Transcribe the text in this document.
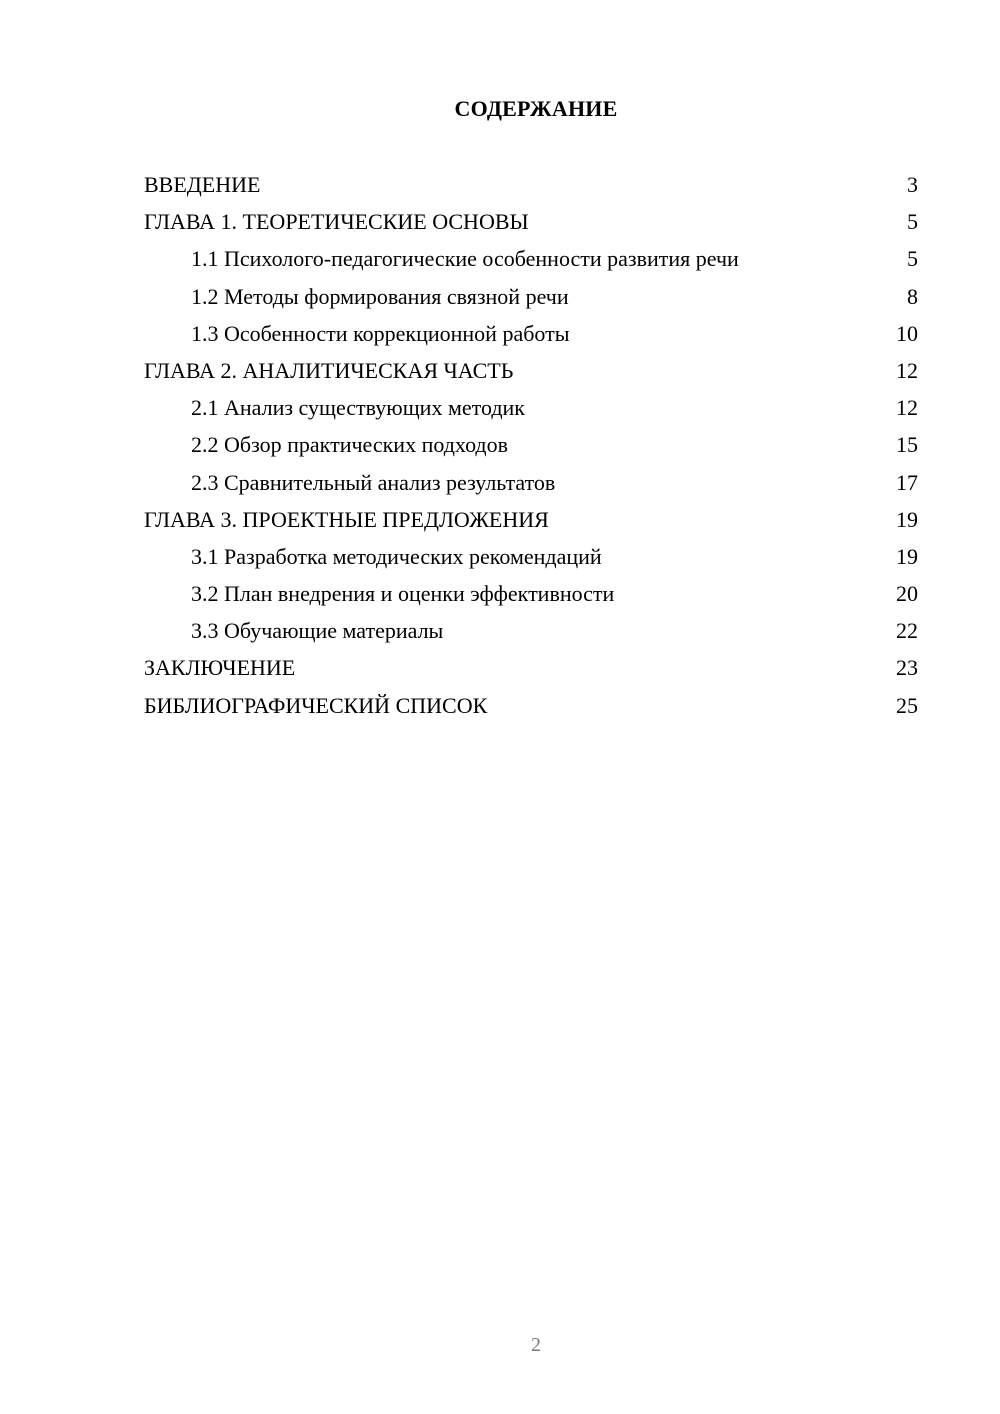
СОДЕРЖАНИЕ
ВВЕДЕНИЕ	3
ГЛАВА 1. ТЕОРЕТИЧЕСКИЕ ОСНОВЫ	5
1.1 Психолого-педагогические особенности развития речи	5
1.2 Методы формирования связной речи	8
1.3 Особенности коррекционной работы	10
ГЛАВА 2. АНАЛИТИЧЕСКАЯ ЧАСТЬ	12
2.1 Анализ существующих методик	12
2.2 Обзор практических подходов	15
2.3 Сравнительный анализ результатов	17
ГЛАВА 3. ПРОЕКТНЫЕ ПРЕДЛОЖЕНИЯ	19
3.1 Разработка методических рекомендаций	19
3.2 План внедрения и оценки эффективности	20
3.3 Обучающие материалы	22
ЗАКЛЮЧЕНИЕ	23
БИБЛИОГРАФИЧЕСКИЙ СПИСОК	25
2
